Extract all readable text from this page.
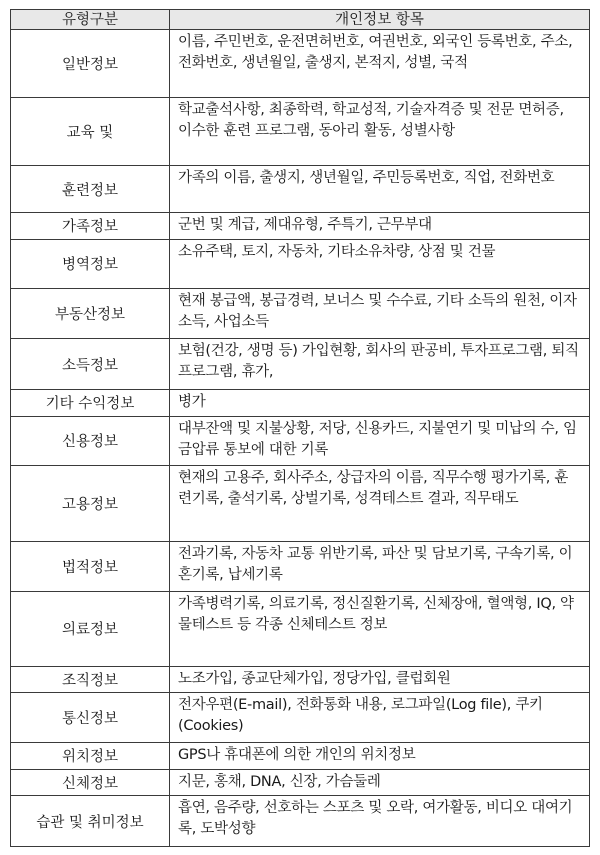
유형구분	개인정보 항목
일반정보	이름, 주민번호, 운전면허번호, 여권번호, 외국인 등록번호, 주소, 전화번호, 생년월일, 출생지, 본적지, 성별, 국적
교육 및	학교출석사항, 최종학력, 학교성적, 기술자격증 및 전문 면허증, 이수한 훈련 프로그램, 동아리 활동, 성별사항
훈련정보	가족의 이름, 출생지, 생년월일, 주민등록번호, 직업, 전화번호
가족정보	군번 및 계급, 제대유형, 주특기, 근무부대
병역정보	소유주택, 토지, 자동차, 기타소유차량, 상점 및 건물
부동산정보	현재 봉급액, 봉급경력, 보너스 및 수수료, 기타 소득의 원천, 이자소득, 사업소득
소득정보	보험(건강, 생명 등) 가입현황, 회사의 판공비, 투자프로그램, 퇴직프로그램, 휴가,
기타 수익정보	병가
신용정보	대부잔액 및 지불상황, 저당, 신용카드, 지불연기 및 미납의 수, 임금압류 통보에 대한 기록
고용정보	현재의 고용주, 회사주소, 상급자의 이름, 직무수행 평가기록, 훈련기록, 출석기록, 상벌기록, 성격테스트 결과, 직무태도
법적정보	전과기록, 자동차 교통 위반기록, 파산 및 담보기록, 구속기록, 이혼기록, 납세기록
의료정보	가족병력기록, 의료기록, 정신질환기록, 신체장애, 혈액형, IQ, 약물테스트 등 각종 신체테스트 정보
조직정보	노조가입, 종교단체가입, 정당가입, 클럽회원
통신정보	전자우편(E-mail), 전화통화 내용, 로그파일(Log file), 쿠키(Cookies)
위치정보	GPS나 휴대폰에 의한 개인의 위치정보
신체정보	지문, 홍채, DNA, 신장, 가슴둘레
습관 및 취미정보	흡연, 음주량, 선호하는 스포츠 및 오락, 여가활동, 비디오 대여기록, 도박성향
